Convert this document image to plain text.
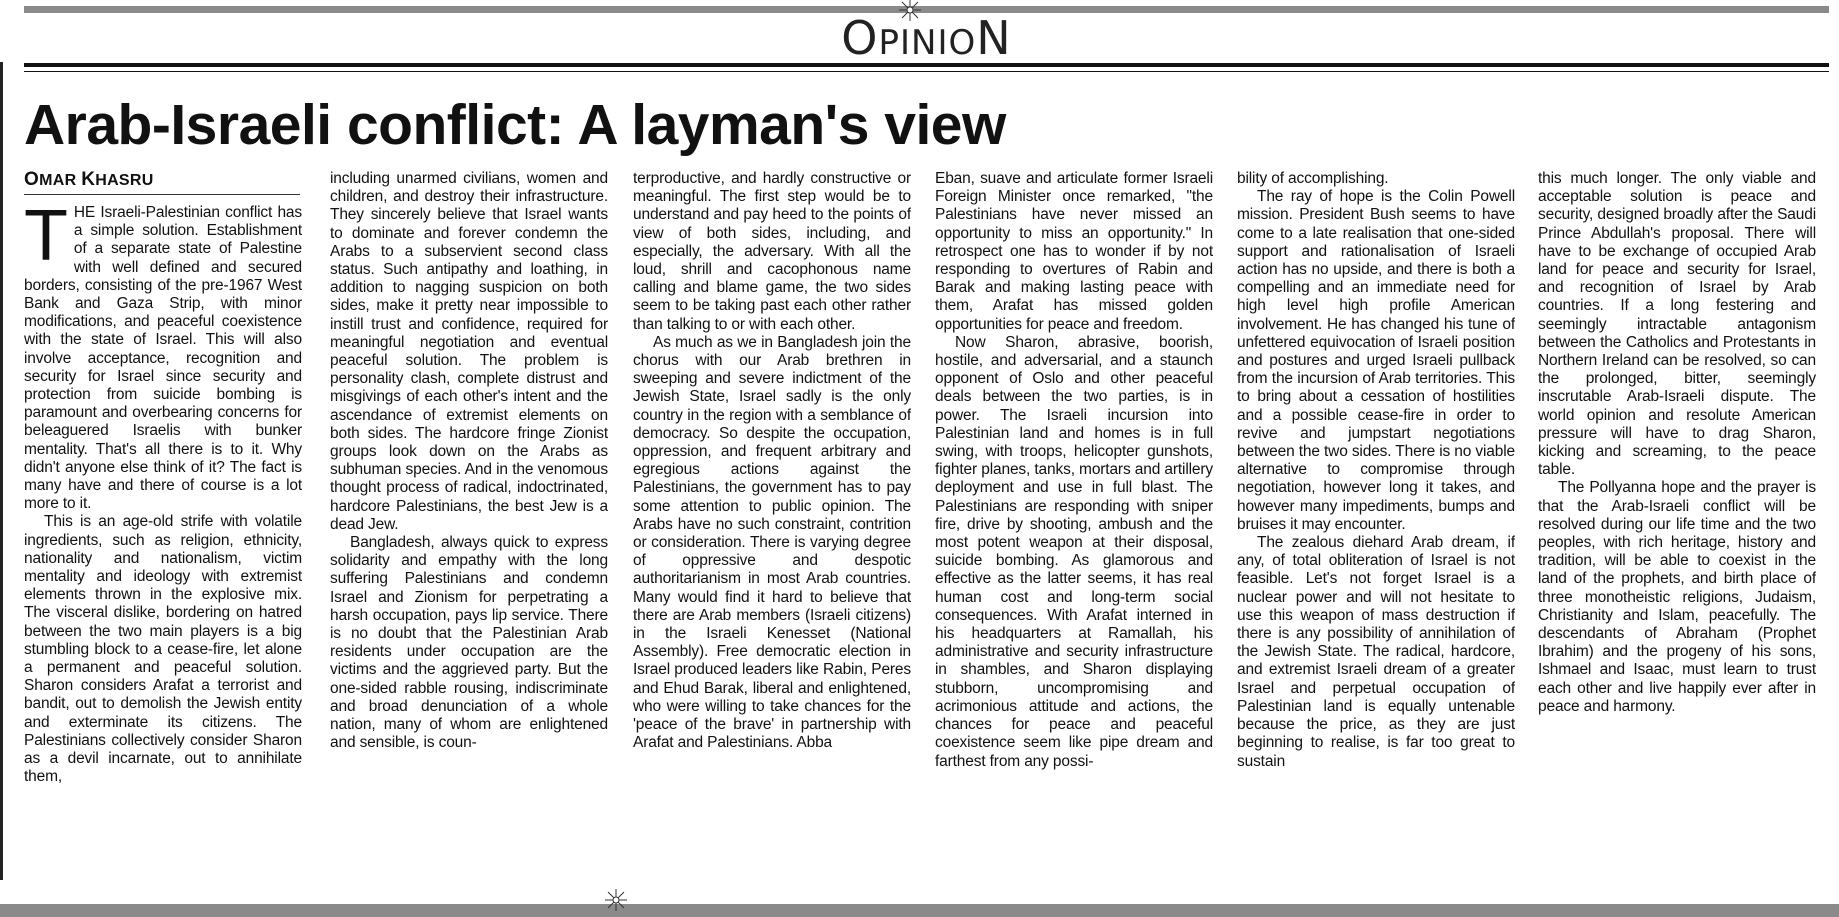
OPINION
Arab-Israeli conflict: A layman's view
OMAR KHASRU

THE Israeli-Palestinian conflict has a simple solution. Establishment of a separate state of Palestine with well defined and secured borders, consisting of the pre-1967 West Bank and Gaza Strip, with minor modifications, and peaceful coexistence with the state of Israel. This will also involve acceptance, recognition and security for Israel since security and protection from suicide bombing is paramount and overbearing concerns for beleaguered Israelis with bunker mentality. That's all there is to it. Why didn't anyone else think of it? The fact is many have and there of course is a lot more to it.

This is an age-old strife with volatile ingredients, such as religion, ethnicity, nationality and nationalism, victim mentality and ideology with extremist elements thrown in the explosive mix. The visceral dislike, bordering on hatred between the two main players is a big stumbling block to a cease-fire, let alone a permanent and peaceful solution. Sharon considers Arafat a terrorist and bandit, out to demolish the Jewish entity and exterminate its citizens. The Palestinians collectively consider Sharon as a devil incarnate, out to annihilate them,

including unarmed civilians, women and children, and destroy their infrastructure. They sincerely believe that Israel wants to dominate and forever condemn the Arabs to a subservient second class status. Such antipathy and loathing, in addition to nagging suspicion on both sides, make it pretty near impossible to instill trust and confidence, required for meaningful negotiation and eventual peaceful solution. The problem is personality clash, complete distrust and misgivings of each other's intent and the ascendance of extremist elements on both sides. The hardcore fringe Zionist groups look down on the Arabs as subhuman species. And in the venomous thought process of radical, indoctrinated, hardcore Palestinians, the best Jew is a dead Jew.

Bangladesh, always quick to express solidarity and empathy with the long suffering Palestinians and condemn Israel and Zionism for perpetrating a harsh occupation, pays lip service. There is no doubt that the Palestinian Arab residents under occupation are the victims and the aggrieved party. But the one-sided rabble rousing, indiscriminate and broad denunciation of a whole nation, many of whom are enlightened and sensible, is coun-

terproductive, and hardly constructive or meaningful. The first step would be to understand and pay heed to the points of view of both sides, including, and especially, the adversary. With all the loud, shrill and cacophonous name calling and blame game, the two sides seem to be taking past each other rather than talking to or with each other.

As much as we in Bangladesh join the chorus with our Arab brethren in sweeping and severe indictment of the Jewish State, Israel sadly is the only country in the region with a semblance of democracy. So despite the occupation, oppression, and frequent arbitrary and egregious actions against the Palestinians, the government has to pay some attention to public opinion. The Arabs have no such constraint, contrition or consideration. There is varying degree of oppressive and despotic authoritarianism in most Arab countries. Many would find it hard to believe that there are Arab members (Israeli citizens) in the Israeli Kenesset (National Assembly). Free democratic election in Israel produced leaders like Rabin, Peres and Ehud Barak, liberal and enlightened, who were willing to take chances for the 'peace of the brave' in partnership with Arafat and Palestinians. Abba

Eban, suave and articulate former Israeli Foreign Minister once remarked, "the Palestinians have never missed an opportunity to miss an opportunity." In retrospect one has to wonder if by not responding to overtures of Rabin and Barak and making lasting peace with them, Arafat has missed golden opportunities for peace and freedom.

Now Sharon, abrasive, boorish, hostile, and adversarial, and a staunch opponent of Oslo and other peaceful deals between the two parties, is in power. The Israeli incursion into Palestinian land and homes is in full swing, with troops, helicopter gunshots, fighter planes, tanks, mortars and artillery deployment and use in full blast. The Palestinians are responding with sniper fire, drive by shooting, ambush and the most potent weapon at their disposal, suicide bombing. As glamorous and effective as the latter seems, it has real human cost and long-term social consequences. With Arafat interned in his headquarters at Ramallah, his administrative and security infrastructure in shambles, and Sharon displaying stubborn, uncompromising and acrimonious attitude and actions, the chances for peace and peaceful coexistence seem like pipe dream and farthest from any possi-

bility of accomplishing.

The ray of hope is the Colin Powell mission. President Bush seems to have come to a late realisation that one-sided support and rationalisation of Israeli action has no upside, and there is both a compelling and an immediate need for high level high profile American involvement. He has changed his tune of unfettered equivocation of Israeli position and postures and urged Israeli pullback from the incursion of Arab territories. This to bring about a cessation of hostilities and a possible cease-fire in order to revive and jumpstart negotiations between the two sides. There is no viable alternative to compromise through negotiation, however long it takes, and however many impediments, bumps and bruises it may encounter.

The zealous diehard Arab dream, if any, of total obliteration of Israel is not feasible. Let's not forget Israel is a nuclear power and will not hesitate to use this weapon of mass destruction if there is any possibility of annihilation of the Jewish State. The radical, hardcore, and extremist Israeli dream of a greater Israel and perpetual occupation of Palestinian land is equally untenable because the price, as they are just beginning to realise, is far too great to sustain

this much longer. The only viable and acceptable solution is peace and security, designed broadly after the Saudi Prince Abdullah's proposal. There will have to be exchange of occupied Arab land for peace and security for Israel, and recognition of Israel by Arab countries. If a long festering and seemingly intractable antagonism between the Catholics and Protestants in Northern Ireland can be resolved, so can the prolonged, bitter, seemingly inscrutable Arab-Israeli dispute. The world opinion and resolute American pressure will have to drag Sharon, kicking and screaming, to the peace table.

The Pollyanna hope and the prayer is that the Arab-Israeli conflict will be resolved during our life time and the two peoples, with rich heritage, history and tradition, will be able to coexist in the land of the prophets, and birth place of three monotheistic religions, Judaism, Christianity and Islam, peacefully. The descendants of Abraham (Prophet Ibrahim) and the progeny of his sons, Ishmael and Isaac, must learn to trust each other and live happily ever after in peace and harmony.
